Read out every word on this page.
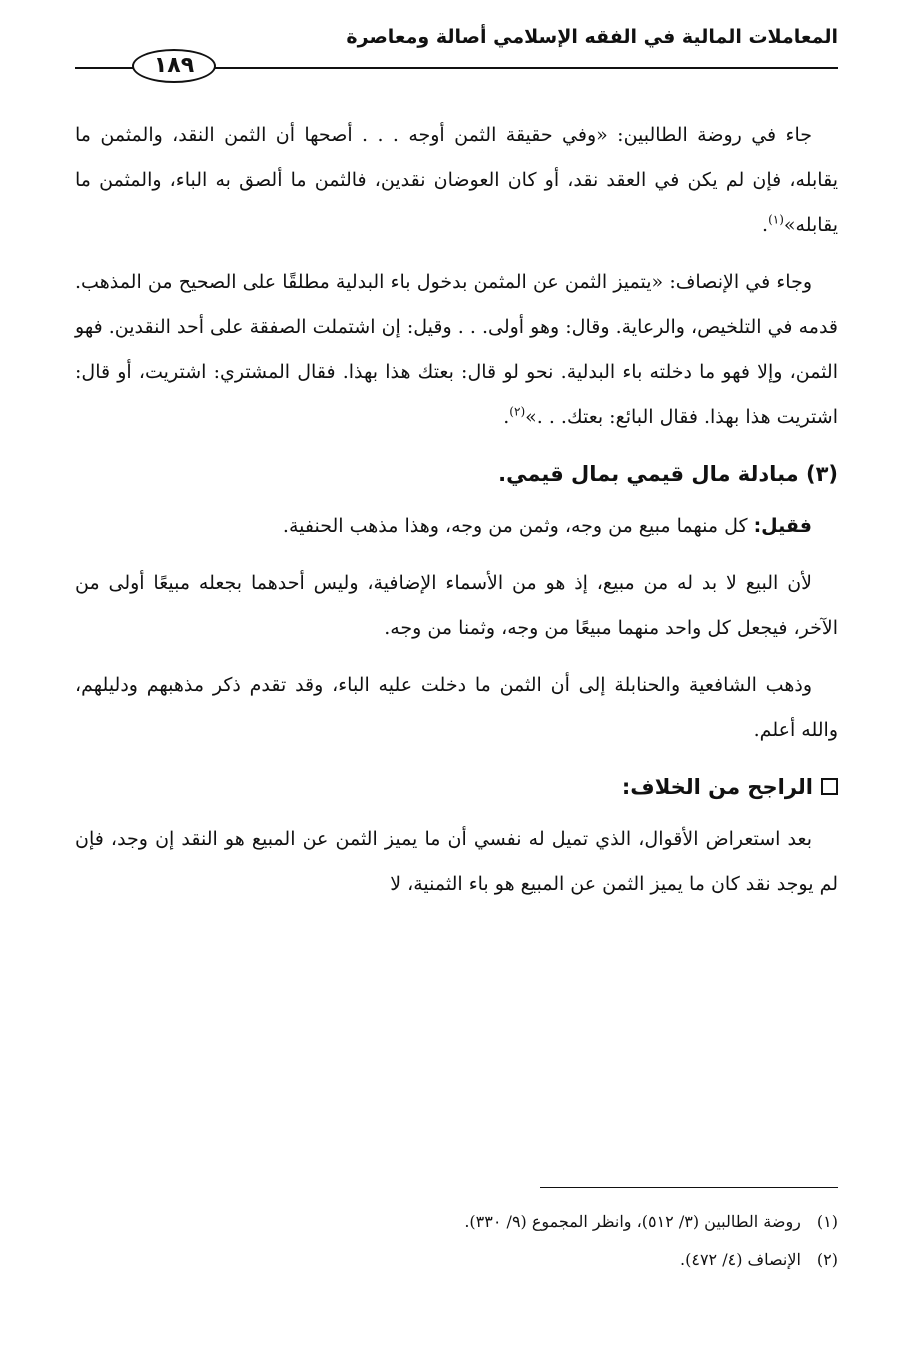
المعاملات المالية في الفقه الإسلامي أصالة ومعاصرة
١٨٩

جاء في روضة الطالبين: «وفي حقيقة الثمن أوجه . . . أصحها أن الثمن النقد، والمثمن ما يقابله، فإن لم يكن في العقد نقد، أو كان العوضان نقدين، فالثمن ما ألصق به الباء، والمثمن ما يقابله»$^{(١)}$.

وجاء في الإنصاف: «يتميز الثمن عن المثمن بدخول باء البدلية مطلقًا على الصحيح من المذهب. قدمه في التلخيص، والرعاية. وقال: وهو أولى. . . وقيل: إن اشتملت الصفقة على أحد النقدين. فهو الثمن، وإلا فهو ما دخلته باء البدلية. نحو لو قال: بعتك هذا بهذا. فقال المشتري: اشتريت، أو قال: اشتريت هذا بهذا. فقال البائع: بعتك. . .»$^{(٢)}$.

(٣) مبادلة مال قيمي بمال قيمي.

فقيل: كل منهما مبيع من وجه، وثمن من وجه، وهذا مذهب الحنفية.

لأن البيع لا بد له من مبيع، إذ هو من الأسماء الإضافية، وليس أحدهما بجعله مبيعًا أولى من الآخر، فيجعل كل واحد منهما مبيعًا من وجه، وثمنا من وجه.

وذهب الشافعية والحنابلة إلى أن الثمن ما دخلت عليه الباء، وقد تقدم ذكر مذهبهم ودليلهم، والله أعلم.

الراجح من الخلاف:

بعد استعراض الأقوال، الذي تميل له نفسي أن ما يميز الثمن عن المبيع هو النقد إن وجد، فإن لم يوجد نقد كان ما يميز الثمن عن المبيع هو باء الثمنية، لا

(١) روضة الطالبين (٣/ ٥١٢)، وانظر المجموع (٩/ ٣٣٠).
(٢) الإنصاف (٤/ ٤٧٢).
